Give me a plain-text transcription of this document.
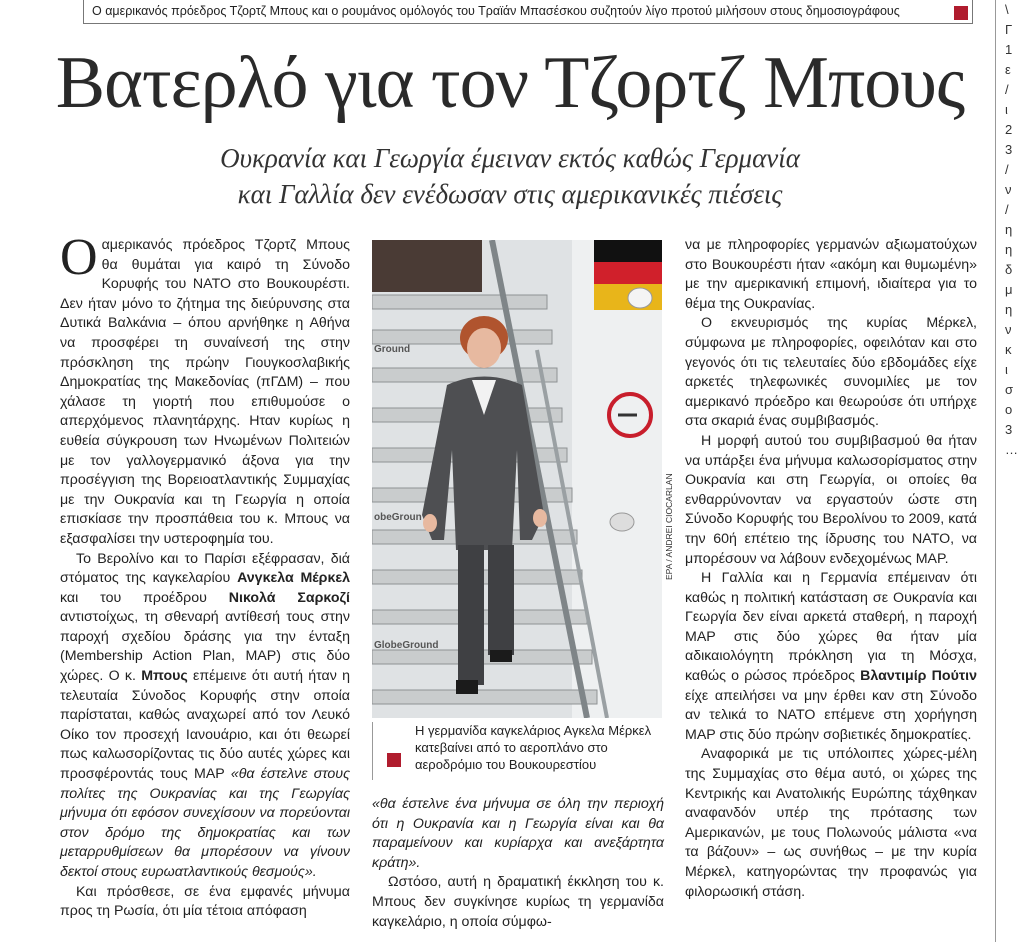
Ο αμερικανός πρόεδρος Τζορτζ Μπους και ο ρουμάνος ομόλογός του Τραϊάν Μπασέσκου συζητούν λίγο προτού μιλήσουν στους δημοσιογράφους	\
Γ
1
ε
/
ι
2
3
/
ν
/
η
η
δ
μ
η
ν
κ
ι
σ
ο
3
…
Βατερλό για τον Τζορτζ Μπους
Ουκρανία και Γεωργία έμειναν εκτός καθώς Γερμανία
και Γαλλία δεν ενέδωσαν στις αμερικανικές πιέσεις

Οαμερικανός πρόεδρος Τζορτζ Μπους θα θυμάται για καιρό τη Σύνοδο Κορυφής του ΝΑΤΟ στο Βουκουρέστι. Δεν ήταν μόνο το ζήτημα της διεύρυνσης στα Δυτικά Βαλκάνια – όπου αρνήθηκε η Αθήνα να προσφέρει τη συναίνεσή της στην πρόσκληση της πρώην Γιουγκοσλαβικής Δημοκρατίας της Μακεδονίας (πΓΔΜ) – που χάλασε τη γιορτή που επιθυμούσε ο απερχόμενος πλανητάρχης. Ηταν κυρίως η ευθεία σύγκρουση των Ηνωμένων Πολιτειών με τον γαλλογερμανικό άξονα για την προσέγγιση της Βορειοατλαντικής Συμμαχίας με την Ουκρανία και τη Γεωργία η οποία επισκίασε την προσπάθεια του κ. Μπους να εξασφαλίσει την υστεροφημία του.

Το Βερολίνο και το Παρίσι εξέφρασαν, διά στόματος της καγκελαρίου Ανγκελα Μέρκελ και του προέδρου Νικολά Σαρκοζί αντιστοίχως, τη σθεναρή αντίθεσή τους στην παροχή σχεδίου δράσης για την ένταξη (Membership Action Plan, MAP) στις δύο χώρες. Ο κ. Μπους επέμεινε ότι αυτή ήταν η τελευταία Σύνοδος Κορυφής στην οποία παρίσταται, καθώς αναχωρεί από τον Λευκό Οίκο τον προσεχή Ιανουάριο, και ότι θεωρεί πως καλωσορίζοντας τις δύο αυτές χώρες και προσφέροντάς τους MAP «θα έστελνε στους πολίτες της Ουκρανίας και της Γεωργίας μήνυμα ότι εφόσον συνεχίσουν να πορεύονται στον δρόμο της δημοκρατίας και των μεταρρυθμίσεων θα μπορέσουν να γίνουν δεκτοί στους ευρωατλαντικούς θεσμούς».

Και πρόσθεσε, σε ένα εμφανές μήνυμα προς τη Ρωσία, ότι μία τέτοια απόφαση

Ground
obeGroun
GlobeGround
EPA / ANDREI CIOCARLAN
Η γερμανίδα καγκελάριος Αγκελα Μέρκελ κατεβαίνει από το αεροπλάνο στο αεροδρόμιο του Βουκουρεστίου

«θα έστελνε ένα μήνυμα σε όλη την περιοχή ότι η Ουκρανία και η Γεωργία είναι και θα παραμείνουν και κυρίαρχα και ανεξάρτητα κράτη».

Ωστόσο, αυτή η δραματική έκκληση του κ. Μπους δεν συγκίνησε κυρίως τη γερμανίδα καγκελάριο, η οποία σύμφω-

να με πληροφορίες γερμανών αξιωματούχων στο Βουκουρέστι ήταν «ακόμη και θυμωμένη» με την αμερικανική επιμονή, ιδιαίτερα για το θέμα της Ουκρανίας.

Ο εκνευρισμός της κυρίας Μέρκελ, σύμφωνα με πληροφορίες, οφειλόταν και στο γεγονός ότι τις τελευταίες δύο εβδομάδες είχε αρκετές τηλεφωνικές συνομιλίες με τον αμερικανό πρόεδρο και θεωρούσε ότι υπήρχε στα σκαριά ένας συμβιβασμός.

Η μορφή αυτού του συμβιβασμού θα ήταν να υπάρξει ένα μήνυμα καλωσορίσματος στην Ουκρανία και στη Γεωργία, οι οποίες θα ενθαρρύνονταν να εργαστούν ώστε στη Σύνοδο Κορυφής του Βερολίνου το 2009, κατά την 60ή επέτειο της ίδρυσης του ΝΑΤΟ, να μπορέσουν να λάβουν ενδεχομένως MAP.

Η Γαλλία και η Γερμανία επέμειναν ότι καθώς η πολιτική κατάσταση σε Ουκρανία και Γεωργία δεν είναι αρκετά σταθερή, η παροχή MAP στις δύο χώρες θα ήταν μία αδικαιολόγητη πρόκληση για τη Μόσχα, καθώς ο ρώσος πρόεδρος Βλαντιμίρ Πούτιν είχε απειλήσει να μην έρθει καν στη Σύνοδο αν τελικά το ΝΑΤΟ επέμενε στη χορήγηση MAP στις δύο πρώην σοβιετικές δημοκρατίες.

Αναφορικά με τις υπόλοιπες χώρες-μέλη της Συμμαχίας στο θέμα αυτό, οι χώρες της Κεντρικής και Ανατολικής Ευρώπης τάχθηκαν αναφανδόν υπέρ της πρότασης των Αμερικανών, με τους Πολωνούς μάλιστα «να τα βάζουν» – ως συνήθως – με την κυρία Μέρκελ, κατηγορώντας την προφανώς για φιλορωσική στάση.
